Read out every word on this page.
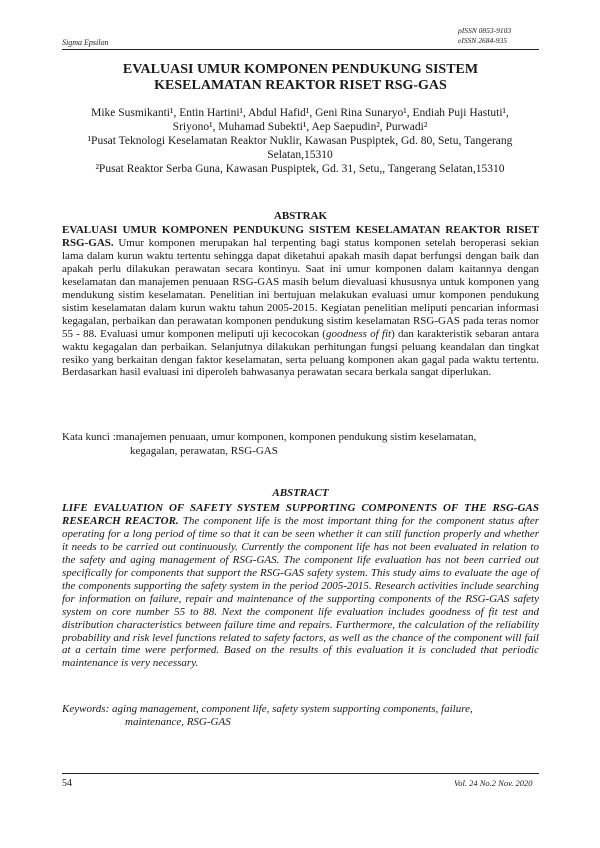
Sigma Epsilon
pISSN 0853-9103
eISSN 2684-935
EVALUASI UMUR KOMPONEN PENDUKUNG SISTEM
KESELAMATAN REAKTOR RISET RSG-GAS
Mike Susmikanti¹, Entin Hartini¹, Abdul Hafid¹, Geni Rina Sunaryo¹, Endiah Puji Hastuti¹,
Sriyono¹, Muhamad Subekti¹, Aep Saepudin², Purwadi²
¹Pusat Teknologi Keselamatan Reaktor Nuklir, Kawasan Puspiptek, Gd. 80, Setu, Tangerang Selatan,15310
²Pusat Reaktor Serba Guna, Kawasan Puspiptek, Gd. 31, Setu,, Tangerang Selatan,15310
ABSTRAK
EVALUASI UMUR KOMPONEN PENDUKUNG SISTEM KESELAMATAN REAKTOR RISET RSG-GAS. Umur komponen merupakan hal terpenting bagi status komponen setelah beroperasi sekian lama dalam kurun waktu tertentu sehingga dapat diketahui apakah masih dapat berfungsi dengan baik dan apakah perlu dilakukan perawatan secara kontinyu. Saat ini umur komponen dalam kaitannya dengan keselamatan dan manajemen penuaan RSG-GAS masih belum dievaluasi khususnya untuk komponen yang mendukung sistim keselamatan. Penelitian ini bertujuan melakukan evaluasi umur komponen pendukung sistim keselamatan dalam kurun waktu tahun 2005-2015. Kegiatan penelitian meliputi pencarian informasi kegagalan, perbaikan dan perawatan komponen pendukung sistim keselamatan RSG-GAS pada teras nomor 55 - 88. Evaluasi umur komponen meliputi uji kecocokan (goodness of fit) dan karakteristik sebaran antara waktu kegagalan dan perbaikan. Selanjutnya dilakukan perhitungan fungsi peluang keandalan dan tingkat resiko yang berkaitan dengan faktor keselamatan, serta peluang komponen akan gagal pada waktu tertentu. Berdasarkan hasil evaluasi ini diperoleh bahwasanya perawatan secara berkala sangat diperlukan.
Kata kunci :manajemen penuaan, umur komponen, komponen pendukung sistim keselamatan,
kegagalan, perawatan, RSG-GAS
ABSTRACT
LIFE EVALUATION OF SAFETY SYSTEM SUPPORTING COMPONENTS OF THE RSG-GAS RESEARCH REACTOR. The component life is the most important thing for the component status after operating for a long period of time so that it can be seen whether it can still function properly and whether it needs to be carried out continuously. Currently the component life has not been evaluated in relation to the safety and aging management of RSG-GAS. The component life evaluation has not been carried out specifically for components that support the RSG-GAS safety system. This study aims to evaluate the age of the components supporting the safety system in the period 2005-2015. Research activities include searching for information on failure, repair and maintenance of the supporting components of the RSG-GAS safety system on core number 55 to 88. Next the component life evaluation includes goodness of fit test and distribution characteristics between failure time and repairs. Furthermore, the calculation of the reliability probability and risk level functions related to safety factors, as well as the chance of the component will fail at a certain time were performed. Based on the results of this evaluation it is concluded that periodic maintenance is very necessary.
Keywords: aging management, component life, safety system supporting components, failure,
maintenance, RSG-GAS
54	Vol. 24 No.2 Nov. 2020
